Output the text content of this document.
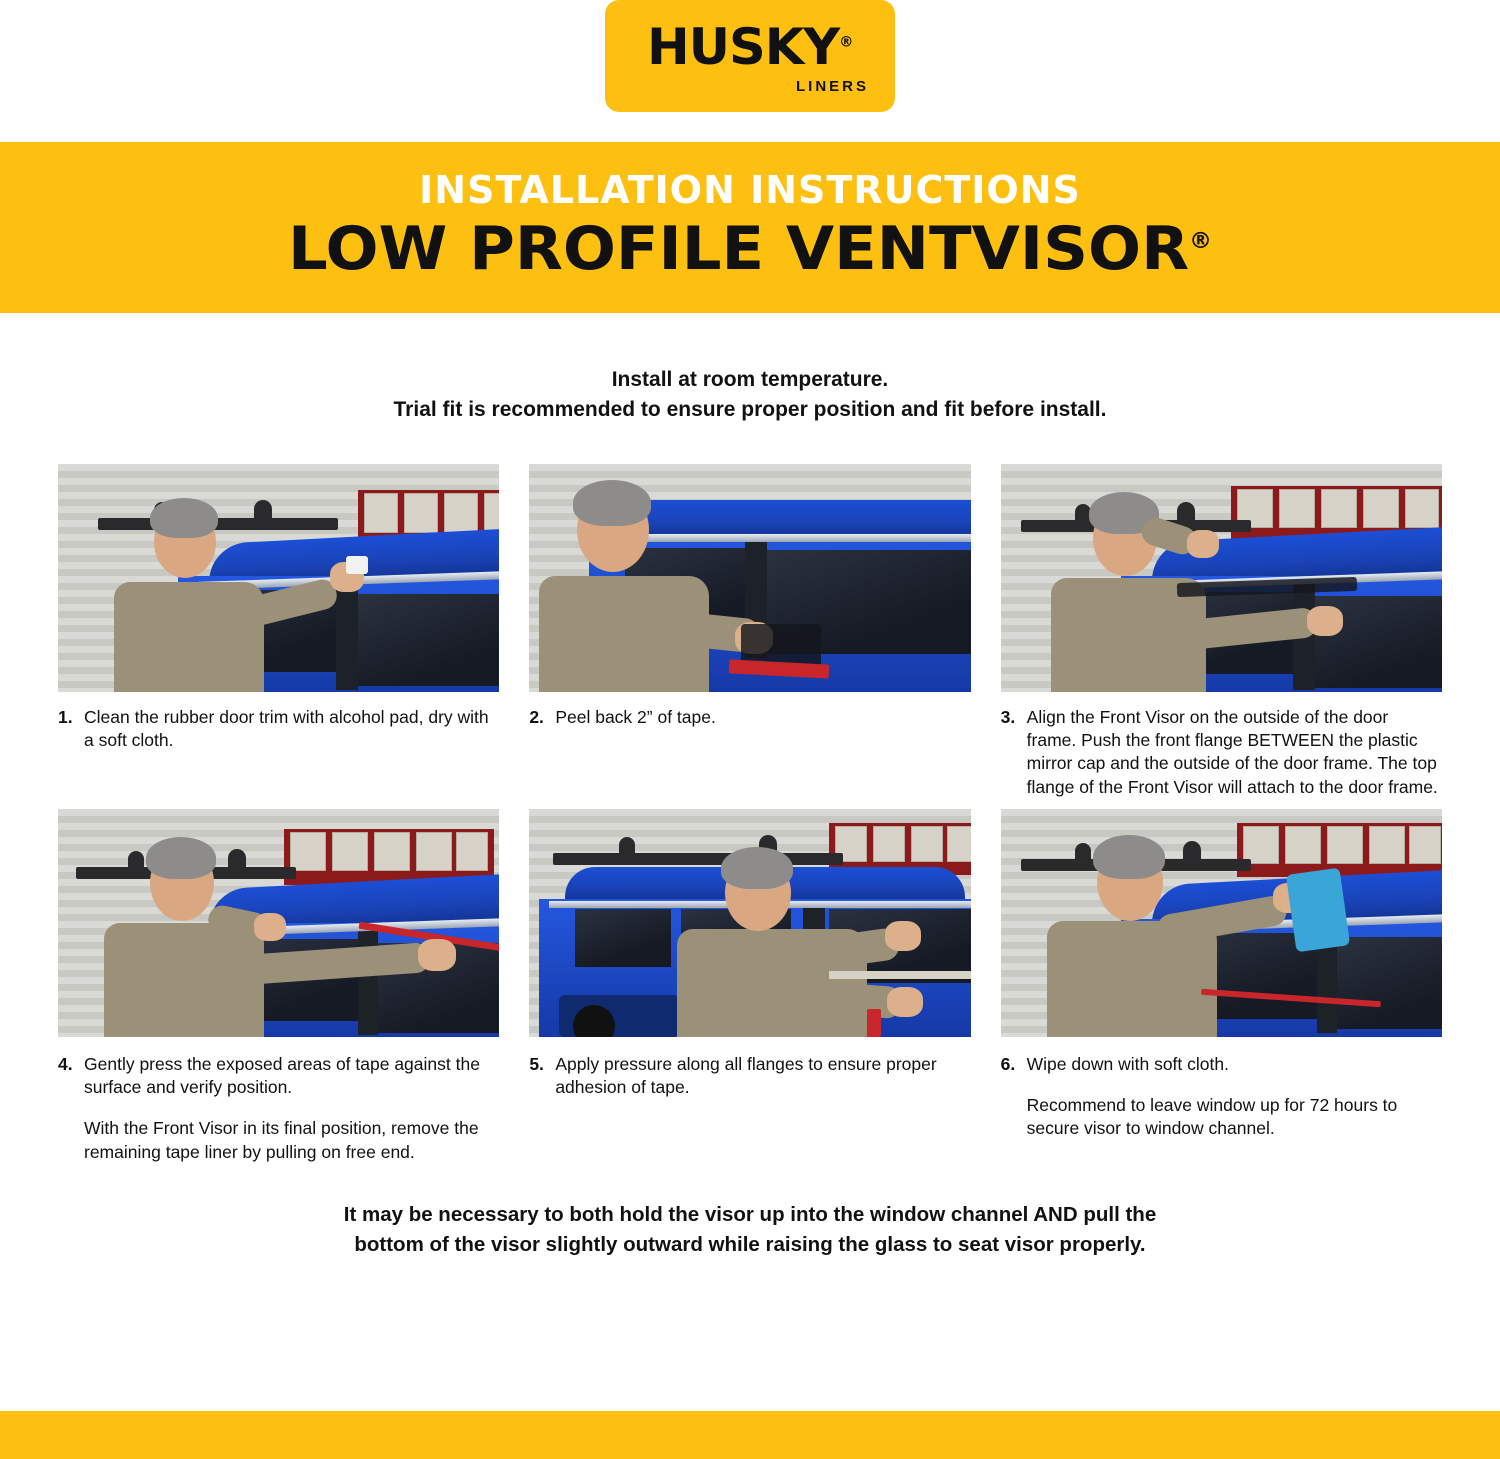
HUSKY®
LINERS
INSTALLATION INSTRUCTIONS
LOW PROFILE VENTVISOR®
Install at room temperature.
Trial fit is recommended to ensure proper position and fit before install.
1. Clean the rubber door trim with alcohol pad, dry with a soft cloth.

2. Peel back 2” of tape.	3. Align the Front Visor on the outside of the door frame. Push the front flange BETWEEN the plastic mirror cap and the outside of the door frame. The top flange of the Front Visor will attach to the door frame.

4. Gently press the exposed areas of tape against the surface and verify position.

With the Front Visor in its final position, remove the remaining tape liner by pulling on free end.

5. Apply pressure along all flanges to ensure proper adhesion of tape.

6. Wipe down with soft cloth.

Recommend to leave window up for 72 hours to secure visor to window channel.

It may be necessary to both hold the visor up into the window channel AND pull the
bottom of the visor slightly outward while raising the glass to seat visor properly.
